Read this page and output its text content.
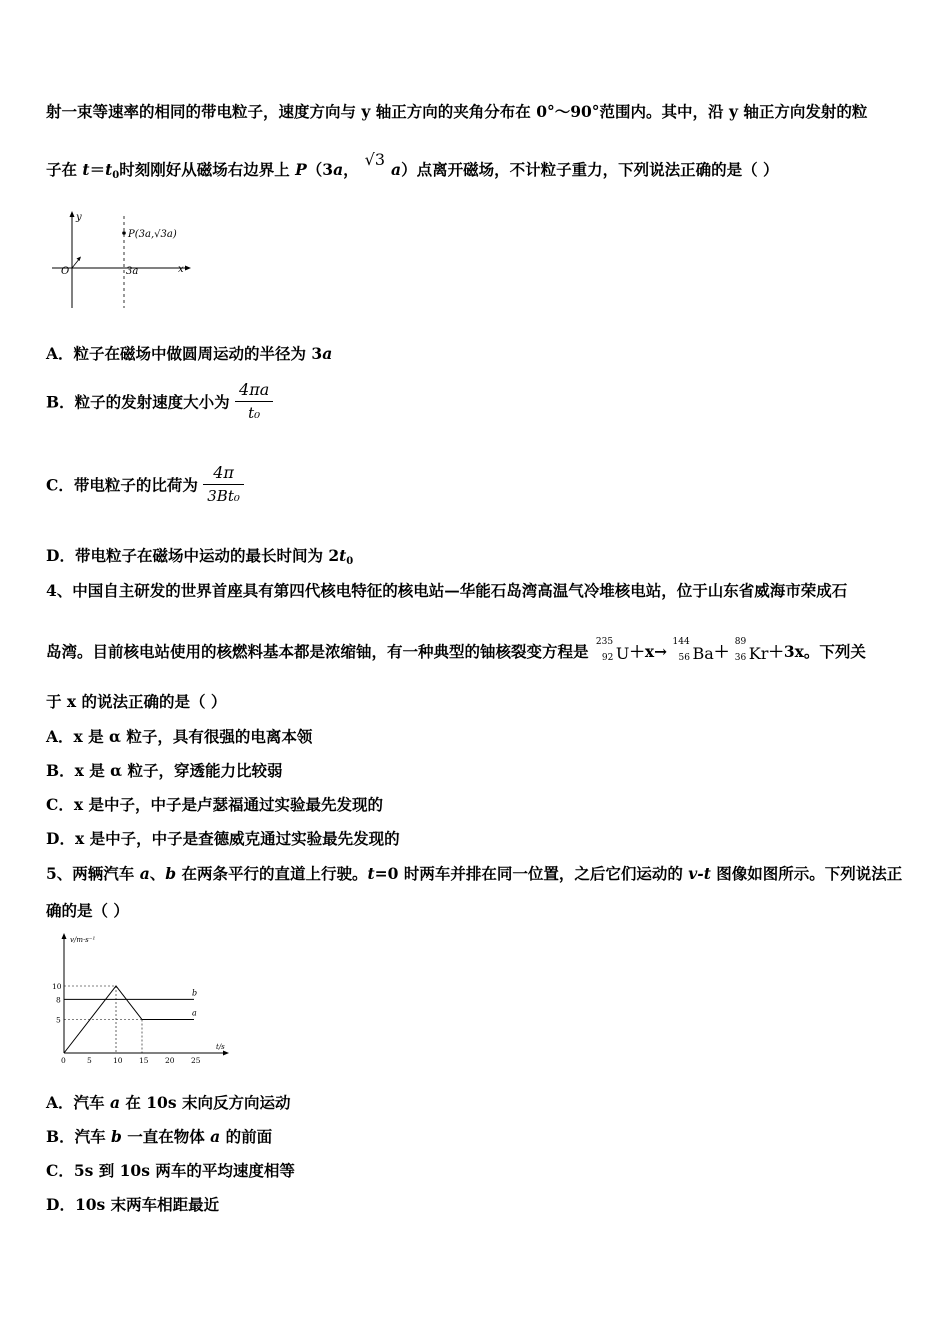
射一束等速率的相同的带电粒子，速度方向与 y 轴正方向的夹角分布在 0°～90°范围内。其中，沿 y 轴正方向发射的粒
子在 $t=t_0$时刻刚好从磁场右边界上 P（3a，√3a）点离开磁场，不计粒子重力，下列说法正确的是（ ）
y
x
O	3a
P(3a,√3a)
A．粒子在磁场中做圆周运动的半径为 3a
B．粒子的发射速度大小为 $\frac{4\pi a}{\text{t₀}}$
C．带电粒子的比荷为 $\frac{4\pi}{\text{3Bt₀}}$
D．带电粒子在磁场中运动的最长时间为 $2t_0$
4、中国自主研发的世界首座具有第四代核电特征的核电站—华能石岛湾高温气冷堆核电站，位于山东省威海市荣成石
岛湾。目前核电站使用的核燃料基本都是浓缩铀，有一种典型的铀核裂变方程是 235
92 U＋x→ 144
56 Ba＋ 89
36 Kr＋3x。下列关
于 x 的说法正确的是（ ）
A．x 是 α 粒子，具有很强的电离本领
B．x 是 α 粒子，穿透能力比较弱
C．x 是中子，中子是卢瑟福通过实验最先发现的
D．x 是中子，中子是查德威克通过实验最先发现的
5、两辆汽车 a、b 在两条平行的直道上行驶。t=0 时两车并排在同一位置，之后它们运动的 v-t 图像如图所示。下列说法正
确的是（ ）
v/m·s⁻¹
t/s
0	5	10 15 20 25
5
8
10
a
b
A．汽车 a 在 10s 末向反方向运动
B．汽车 b 一直在物体 a 的前面
C．5s 到 10s 两车的平均速度相等
D．10s 末两车相距最近
